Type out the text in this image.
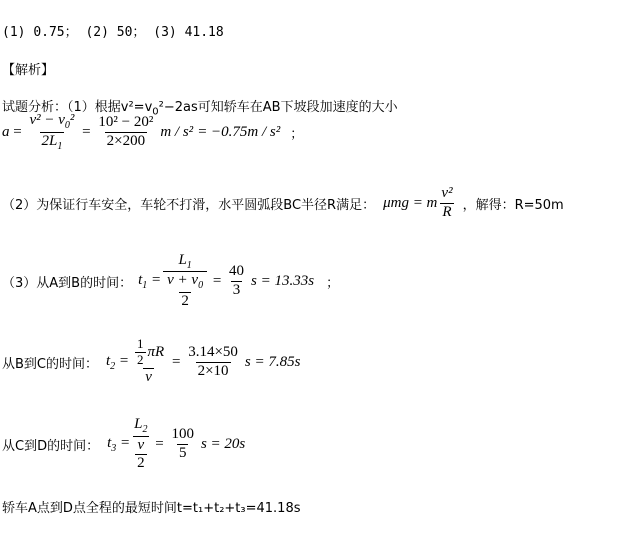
(1) 0.75； (2) 50； (3) 41.18
【解析】
试题分析：（1）根据$v^2=v_0^2-2as$可知轿车在AB下坡段加速度的大小
$a = \frac{v^2 - v_0^2}{2L_1} = \frac{\text{10² − 20²}}{2\times 200}$ m / s² = −0.75m / s² ；
（2）为保证行车安全，车轮不打滑，水平圆弧段BC半径R满足： μmg = m $\frac{\text{v²}}{R}$ ，解得：R=50m
（3）从A到B的时间： $t_1 = L_1$
$v + v_0$
$2 = \frac{40}{3}$ s = 13.33s ；
从B到C的时间： $t_2 = \frac{\frac{1}{2} \pi R}{v} = \frac{3.14\times 50}{2\times 10}$ s = 7.85s
从C到D的时间： $t_3 = L_2$
v
$2 = \frac{100}{5}$ s = 20s
轿车A点到D点全程的最短时间t=t₁+t₂+t₃=41.18s
